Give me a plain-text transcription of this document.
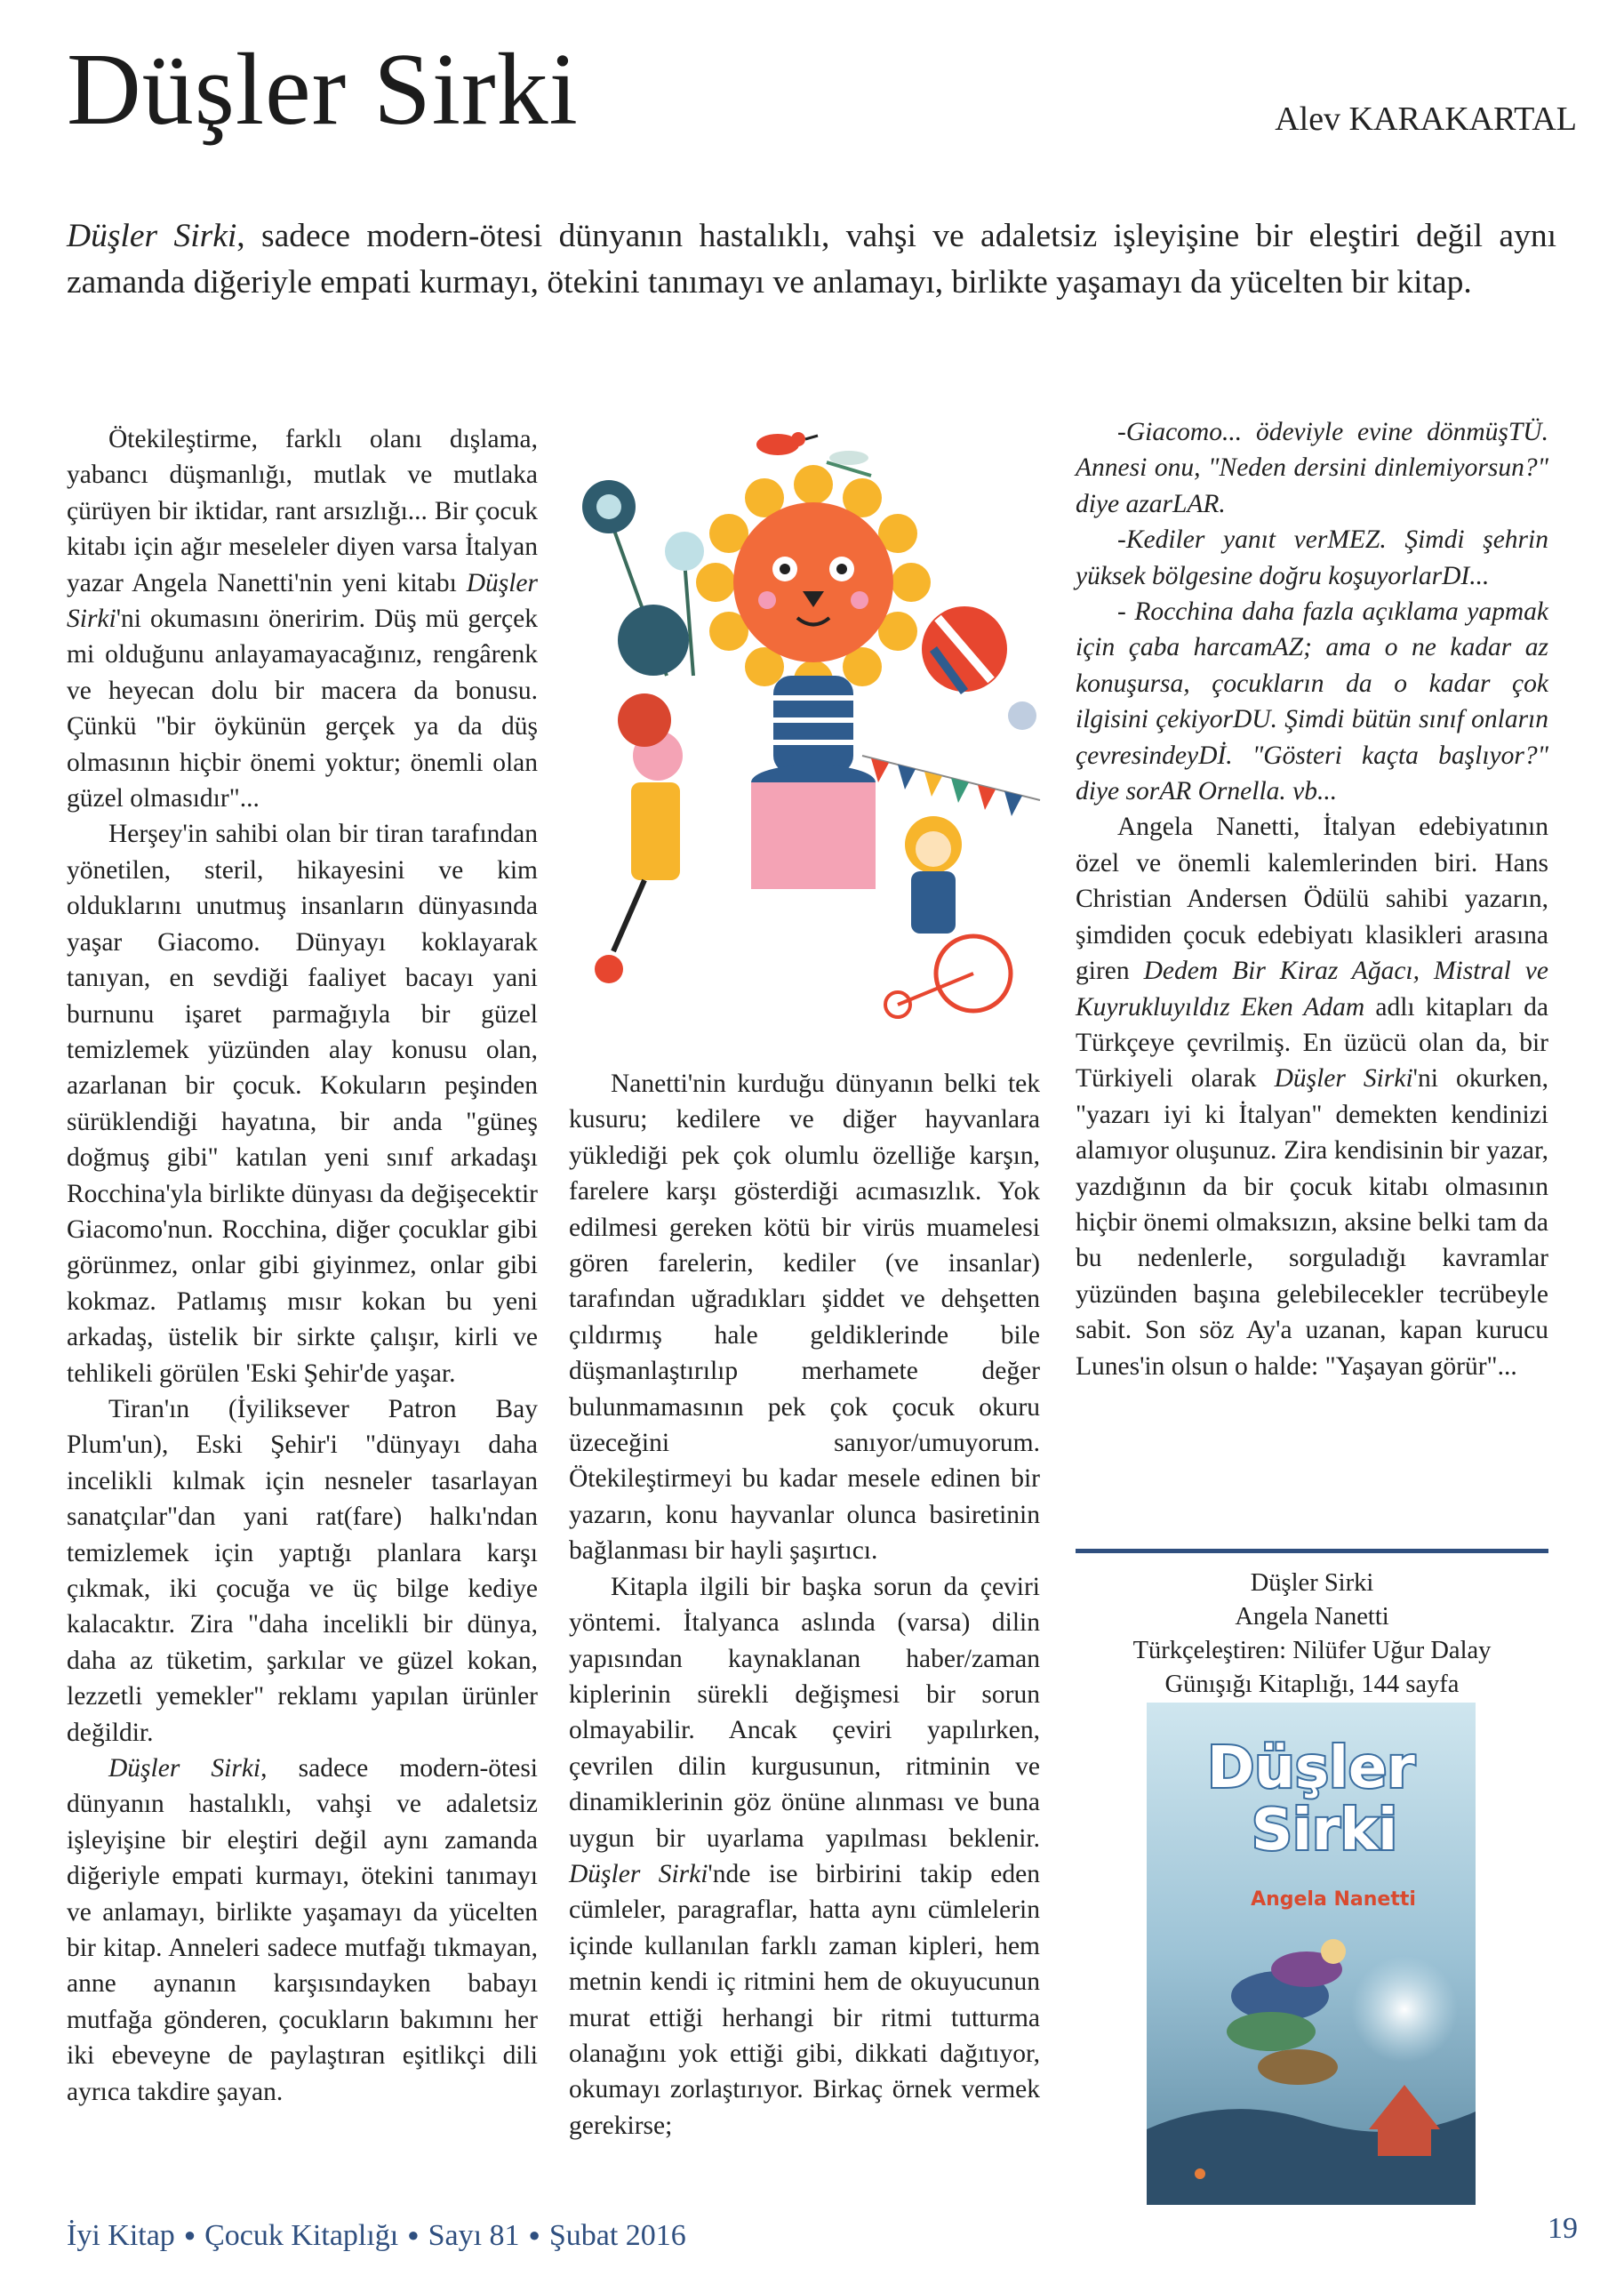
Düşler Sirki	Alev KARAKARTAL
Düşler Sirki, sadece modern-ötesi dünyanın hastalıklı, vahşi ve adaletsiz işleyişine bir eleştiri değil aynı zamanda diğeriyle empati kurmayı, ötekini tanımayı ve anlamayı, birlikte yaşamayı da yücelten bir kitap.

Ötekileştirme, farklı olanı dışlama, yabancı düşmanlığı, mutlak ve mutlaka çürüyen bir iktidar, rant arsızlığı... Bir çocuk kitabı için ağır meseleler diyen varsa İtalyan yazar Angela Nanetti'nin yeni kitabı Düşler Sirki'ni okumasını öneririm. Düş mü gerçek mi olduğunu anlayamayacağınız, rengârenk ve heyecan dolu bir macera da bonusu. Çünkü "bir öykünün gerçek ya da düş olmasının hiçbir önemi yoktur; önemli olan güzel olmasıdır"...

Herşey'in sahibi olan bir tiran tarafından yönetilen, steril, hikayesini ve kim olduklarını unutmuş insanların dünyasında yaşar Giacomo. Dünyayı koklayarak tanıyan, en sevdiği faaliyet bacayı yani burnunu işaret parmağıyla bir güzel temizlemek yüzünden alay konusu olan, azarlanan bir çocuk. Kokuların peşinden sürüklendiği hayatına, bir anda "güneş doğmuş gibi" katılan yeni sınıf arkadaşı Rocchina'yla birlikte dünyası da değişecektir Giacomo'nun. Rocchina, diğer çocuklar gibi görünmez, onlar gibi giyinmez, onlar gibi kokmaz. Patlamış mısır kokan bu yeni arkadaş, üstelik bir sirkte çalışır, kirli ve tehlikeli görülen 'Eski Şehir'de yaşar.

Tiran'ın (İyiliksever Patron Bay Plum'un), Eski Şehir'i "dünyayı daha incelikli kılmak için nesneler tasarlayan sanatçılar"dan yani rat(fare) halkı'ndan temizlemek için yaptığı planlara karşı çıkmak, iki çocuğa ve üç bilge kediye kalacaktır. Zira "daha incelikli bir dünya, daha az tüketim, şarkılar ve güzel kokan, lezzetli yemekler" reklamı yapılan ürünler değildir.

Düşler Sirki, sadece modern-ötesi dünyanın hastalıklı, vahşi ve adaletsiz işleyişine bir eleştiri değil aynı zamanda diğeriyle empati kurmayı, ötekini tanımayı ve anlamayı, birlikte yaşamayı da yücelten bir kitap. Anneleri sadece mutfağı tıkmayan, anne aynanın karşısındayken babayı mutfağa gönderen, çocukların bakımını her iki ebeveyne de paylaştıran eşitlikçi dili ayrıca takdire şayan.

Nanetti'nin kurduğu dünyanın belki tek kusuru; kedilere ve diğer hayvanlara yüklediği pek çok olumlu özelliğe karşın, farelere karşı gösterdiği acımasızlık. Yok edilmesi gereken kötü bir virüs muamelesi gören farelerin, kediler (ve insanlar) tarafından uğradıkları şiddet ve dehşetten çıldırmış hale geldiklerinde bile düşmanlaştırılıp merhamete değer bulunmamasının pek çok çocuk okuru üzeceğini sanıyor/umuyorum. Ötekileştirmeyi bu kadar mesele edinen bir yazarın, konu hayvanlar olunca basiretinin bağlanması bir hayli şaşırtıcı.

Kitapla ilgili bir başka sorun da çeviri yöntemi. İtalyanca aslında (varsa) dilin yapısından kaynaklanan haber/zaman kiplerinin sürekli değişmesi bir sorun olmayabilir. Ancak çeviri yapılırken, çevrilen dilin kurgusunun, ritminin ve dinamiklerinin göz önüne alınması ve buna uygun bir uyarlama yapılması beklenir. Düşler Sirki'nde ise birbirini takip eden cümleler, paragraflar, hatta aynı cümlelerin içinde kullanılan farklı zaman kipleri, hem metnin kendi iç ritmini hem de okuyucunun murat ettiği herhangi bir ritmi tutturma olanağını yok ettiği gibi, dikkati dağıtıyor, okumayı zorlaştırıyor. Birkaç örnek vermek gerekirse;

-Giacomo... ödeviyle evine dönmüşTÜ. Annesi onu, "Neden dersini dinlemiyorsun?" diye azarLAR.

-Kediler yanıt verMEZ. Şimdi şehrin yüksek bölgesine doğru koşuyorlarDI...

- Rocchina daha fazla açıklama yapmak için çaba harcamAZ; ama o ne kadar az konuşursa, çocukların da o kadar çok ilgisini çekiyorDU. Şimdi bütün sınıf onların çevresindeyDİ. "Gösteri kaçta başlıyor?" diye sorAR Ornella. vb...

Angela Nanetti, İtalyan edebiyatının özel ve önemli kalemlerinden biri. Hans Christian Andersen Ödülü sahibi yazarın, şimdiden çocuk edebiyatı klasikleri arasına giren Dedem Bir Kiraz Ağacı, Mistral ve Kuyrukluyıldız Eken Adam adlı kitapları da Türkçeye çevrilmiş. En üzücü olan da, bir Türkiyeli olarak Düşler Sirki'ni okurken, "yazarı iyi ki İtalyan" demekten kendinizi alamıyor oluşunuz. Zira kendisinin bir yazar, yazdığının da bir çocuk kitabı olmasının hiçbir önemi olmaksızın, aksine belki tam da bu nedenlerle, sorguladığı kavramlar yüzünden başına gelebilecekler tecrübeyle sabit. Son söz Ay'a uzanan, kapan kurucu Lunes'in olsun o halde: "Yaşayan görür"...

Düşler Sirki
Angela Nanetti
Türkçeleştiren: Nilüfer Uğur Dalay
Günışığı Kitaplığı, 144 sayfa
Düşler
Sirki
Angela Nanetti
İyi Kitap ● Çocuk Kitaplığı ● Sayı 81 ● Şubat 2016	19
